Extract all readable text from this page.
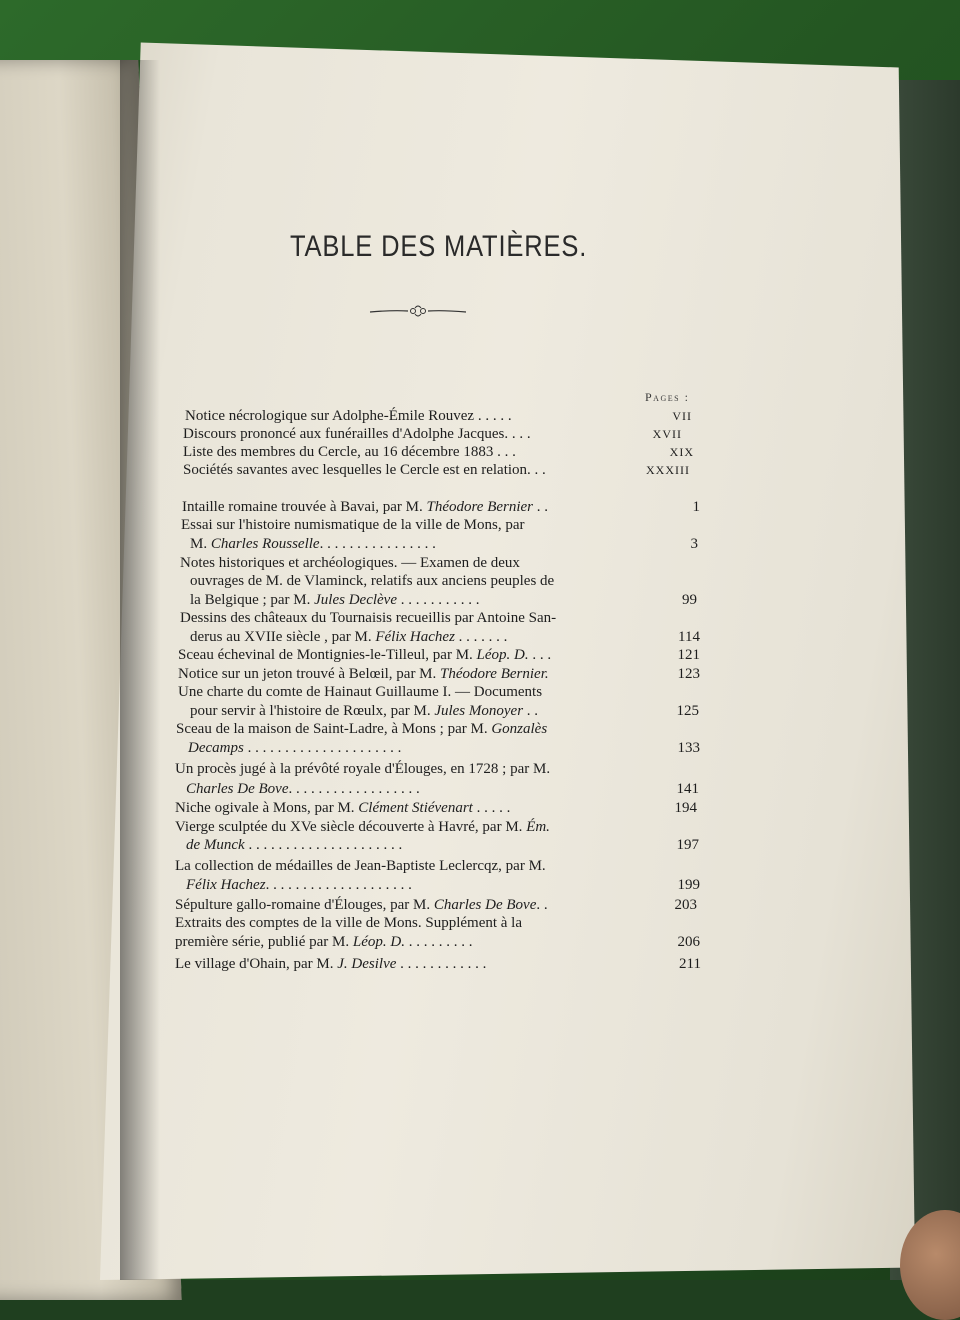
TABLE DES MATIÈRES.
Pages :
Notice nécrologique sur Adolphe-Émile Rouvez . . . . .	VII
Discours prononcé aux funérailles d'Adolphe Jacques. . . .	XVII
Liste des membres du Cercle, au 16 décembre 1883 . . .	XIX
Sociétés savantes avec lesquelles le Cercle est en relation. . .	XXXIII
Intaille romaine trouvée à Bavai, par M. Théodore Bernier . .	1
Essai sur l'histoire numismatique de la ville de Mons, par
M. Charles Rousselle. . . . . . . . . . . . . . . .	3
Notes historiques et archéologiques. — Examen de deux
ouvrages de M. de Vlaminck, relatifs aux anciens peuples de
la Belgique ; par M. Jules Declève . . . . . . . . . . .	99
Dessins des châteaux du Tournaisis recueillis par Antoine San-
derus au XVIIe siècle , par M. Félix Hachez . . . . . . .	114
Sceau échevinal de Montignies-le-Tilleul, par M. Léop. D. . . .	121
Notice sur un jeton trouvé à Belœil, par M. Théodore Bernier.	123
Une charte du comte de Hainaut Guillaume I. — Documents
pour servir à l'histoire de Rœulx, par M. Jules Monoyer . .	125
Sceau de la maison de Saint-Ladre, à Mons ; par M. Gonzalès
Decamps . . . . . . . . . . . . . . . . . . . . .	133
Un procès jugé à la prévôté royale d'Élouges, en 1728 ; par M.
Charles De Bove. . . . . . . . . . . . . . . . . .	141
Niche ogivale à Mons, par M. Clément Stiévenart . . . . .	194
Vierge sculptée du XVe siècle découverte à Havré, par M. Ém.
de Munck . . . . . . . . . . . . . . . . . . . . .	197
La collection de médailles de Jean-Baptiste Leclercqz, par M.
Félix Hachez. . . . . . . . . . . . . . . . . . . .	199
Sépulture gallo-romaine d'Élouges, par M. Charles De Bove. .	203
Extraits des comptes de la ville de Mons. Supplément à la
première série, publié par M. Léop. D. . . . . . . . . .	206
Le village d'Ohain, par M. J. Desilve . . . . . . . . . . . .	211
